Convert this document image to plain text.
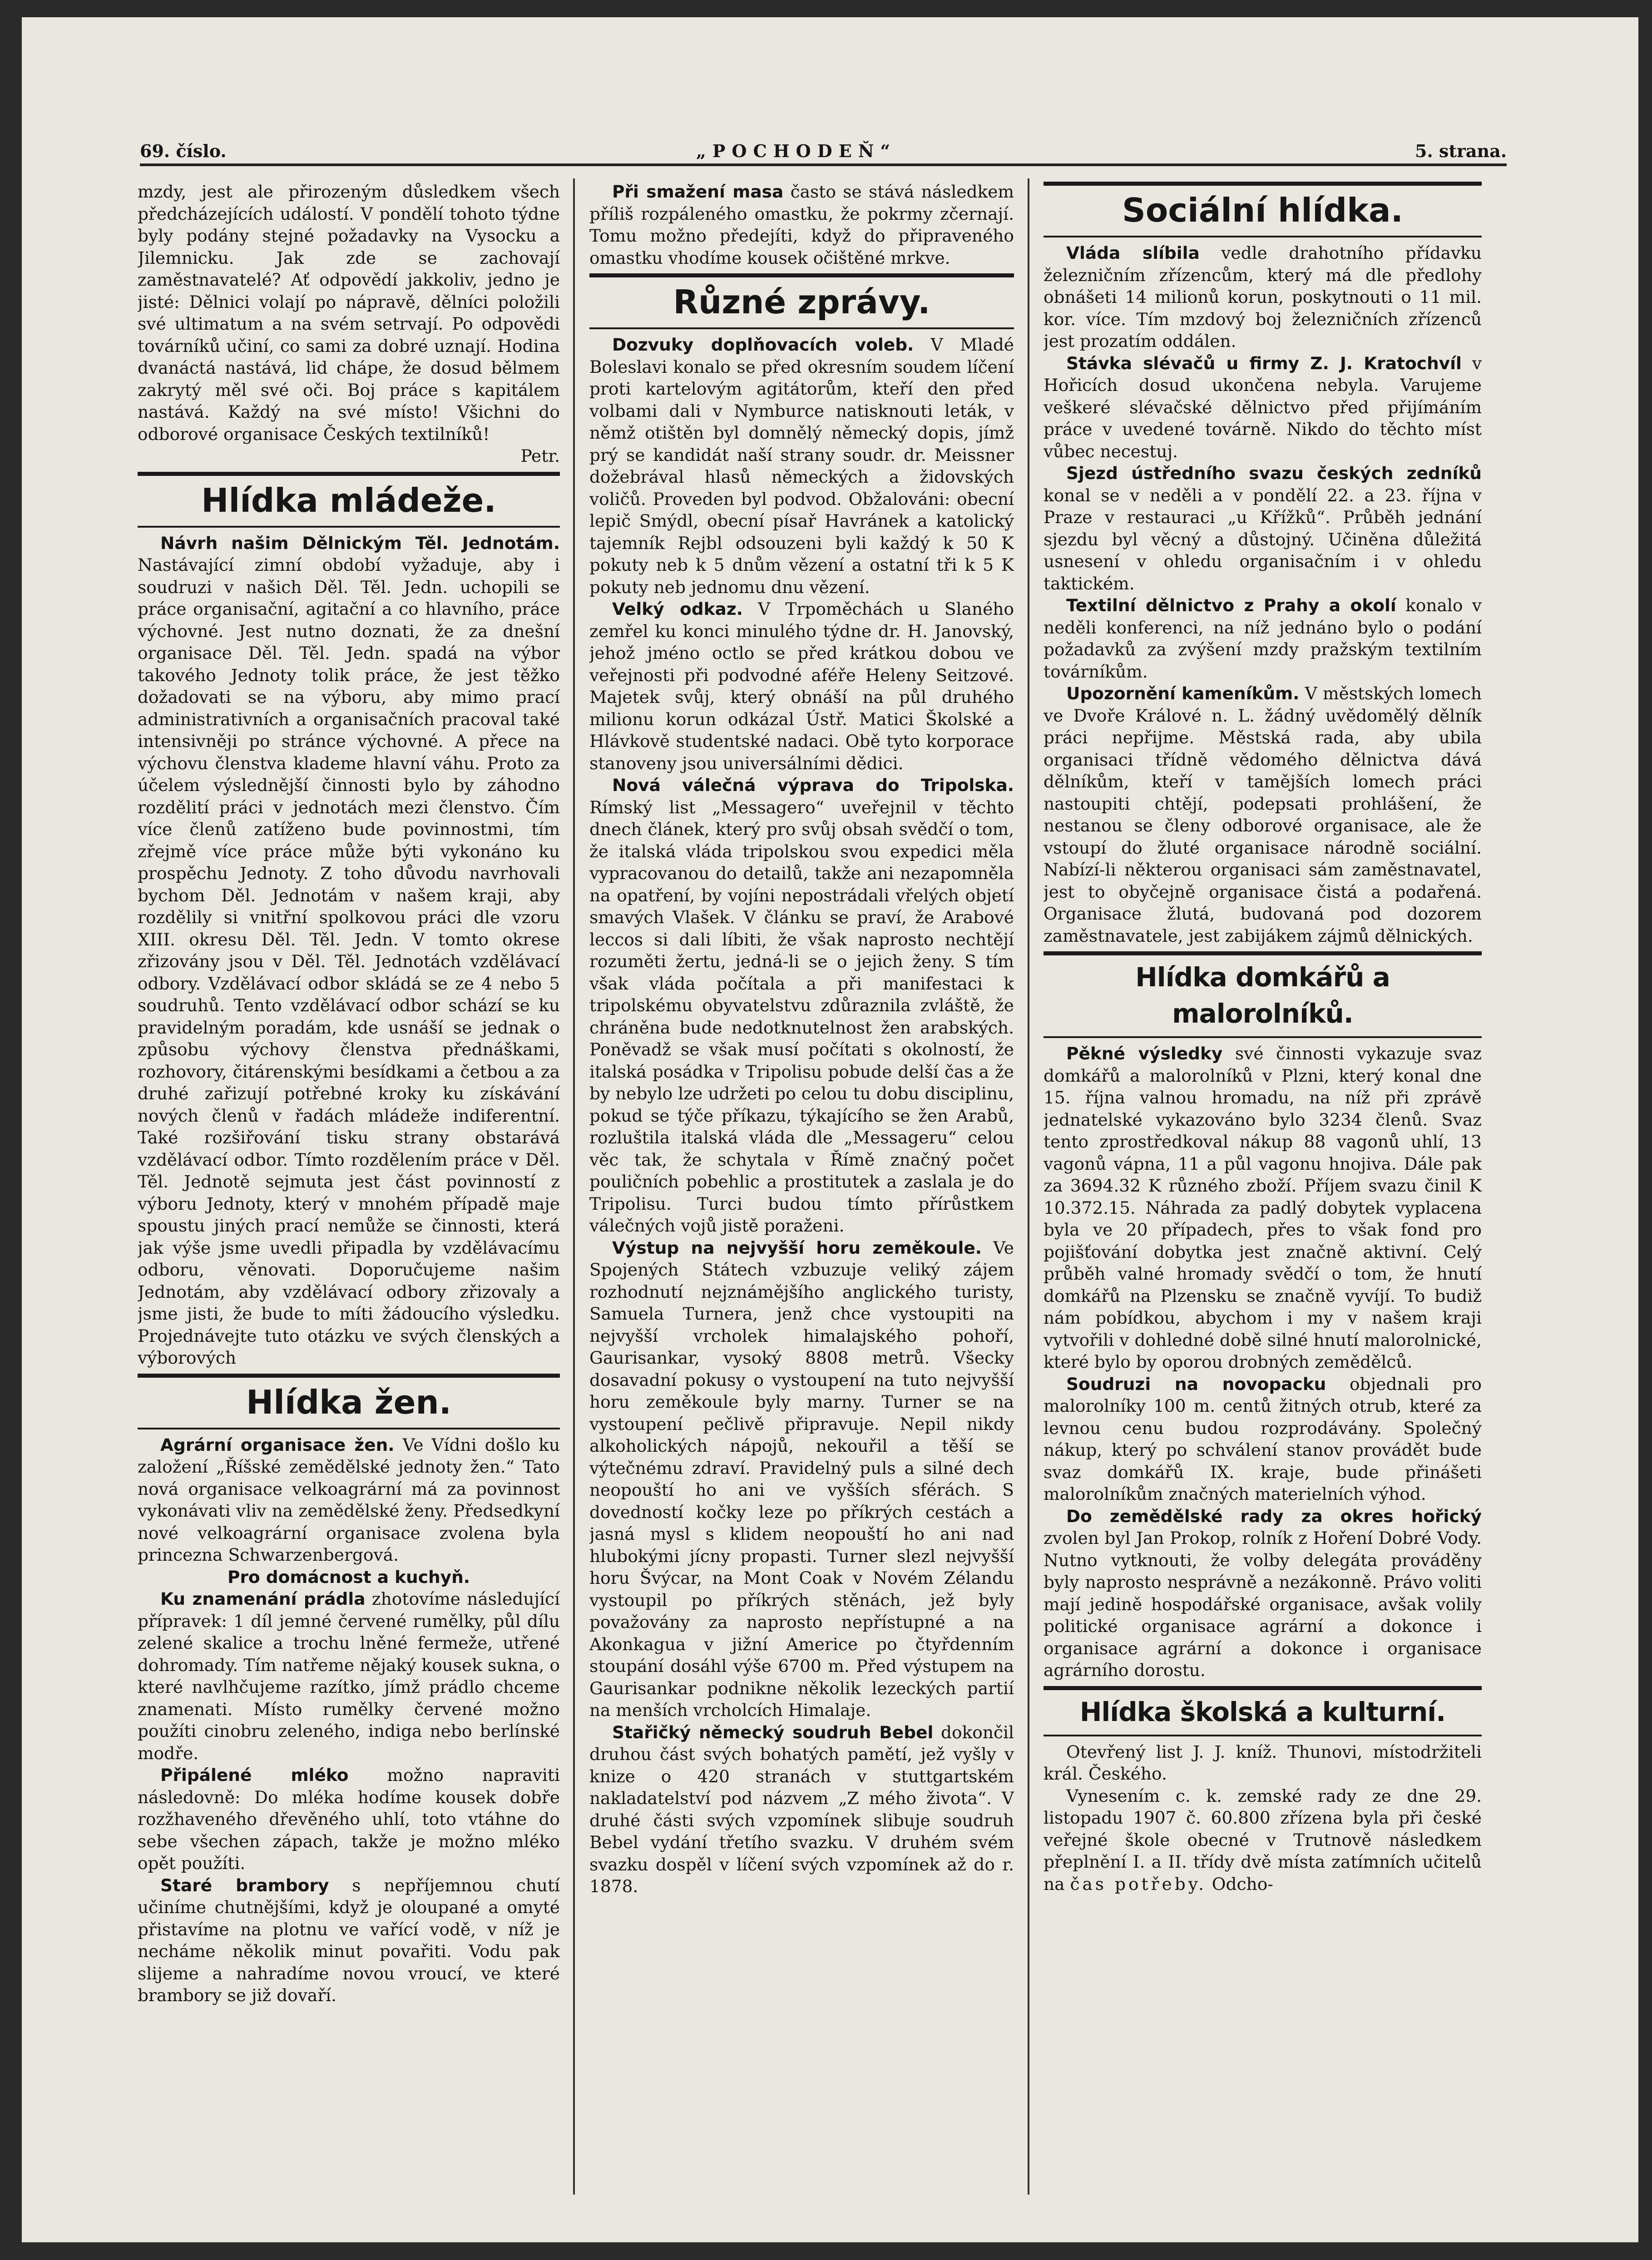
69. číslo.	„POCHODEŇ“	5. strana.

mzdy, jest ale přirozeným důsledkem všech předcházejících událostí. V pondělí tohoto týdne byly podány stejné požadavky na Vysocku a Jilemnicku. Jak zde se zachovají zaměstnavatelé? Ať odpovědí jakkoliv, jedno je jisté: Dělnici volají po nápravě, dělníci položili své ultimatum a na svém setrvají. Po odpovědi továrníků učiní, co sami za dobré uznají. Hodina dvanáctá nastává, lid chápe, že dosud bělmem zakrytý měl své oči. Boj práce s kapitálem nastává. Každý na své místo! Všichni do odborové organisace Českých textilníků!

Petr.

Hlídka mládeže.

Návrh našim Dělnickým Těl. Jednotám. Nastávající zimní období vyžaduje, aby i soudruzi v našich Děl. Těl. Jedn. uchopili se práce organisační, agitační a co hlavního, práce výchovné. Jest nutno doznati, že za dnešní organisace Děl. Těl. Jedn. spadá na výbor takového Jednoty tolik práce, že jest těžko dožadovati se na výboru, aby mimo prací administrativních a organisačních pracoval také intensivněji po stránce výchovné. A přece na výchovu členstva klademe hlavní váhu. Proto za účelem výslednější činnosti bylo by záhodno rozdělití práci v jednotách mezi členstvo. Čím více členů zatíženo bude povinnostmi, tím zřejmě více práce může býti vykonáno ku prospěchu Jednoty. Z toho důvodu navrhovali bychom Děl. Jednotám v našem kraji, aby rozdělily si vnitřní spolkovou práci dle vzoru XIII. okresu Děl. Těl. Jedn. V tomto okrese zřizovány jsou v Děl. Těl. Jednotách vzdělávací odbory. Vzdělávací odbor skládá se ze 4 nebo 5 soudruhů. Tento vzdělávací odbor schází se ku pravidelným poradám, kde usnáší se jednak o způsobu výchovy členstva přednáškami, rozhovory, čitárenskými besídkami a četbou a za druhé zařizují potřebné kroky ku získávání nových členů v řadách mládeže indiferentní. Také rozšiřování tisku strany obstarává vzdělávací odbor. Tímto rozdělením práce v Děl. Těl. Jednotě sejmuta jest část povinností z výboru Jednoty, který v mnohém případě maje spoustu jiných prací nemůže se činnosti, která jak výše jsme uvedli připadla by vzdělávacímu odboru, věnovati. Doporučujeme našim Jednotám, aby vzdělávací odbory zřizovaly a jsme jisti, že bude to míti žádoucího výsledku. Projednávejte tuto otázku ve svých členských a výborových

Hlídka žen.

Agrární organisace žen. Ve Vídni došlo ku založení „Říšské zemědělské jednoty žen.“ Tato nová organisace velkoagrární má za povinnost vykonávati vliv na zemědělské ženy. Předsedkyní nové velkoagrární organisace zvolena byla princezna Schwarzenbergová.

Pro domácnost a kuchyň.

Ku znamenání prádla zhotovíme následující přípravek: 1 díl jemné červené rumělky, půl dílu zelené skalice a trochu lněné fermeže, utřené dohromady. Tím natřeme nějaký kousek sukna, o které navlhčujeme razítko, jímž prádlo chceme znamenati. Místo rumělky červené možno použíti cinobru zeleného, indiga nebo berlínské modře.

Připálené mléko možno napraviti následovně: Do mléka hodíme kousek dobře rozžhaveného dřevěného uhlí, toto vtáhne do sebe všechen zápach, takže je možno mléko opět použíti.

Staré brambory s nepříjemnou chutí učiníme chutnějšími, když je oloupané a omyté přistavíme na plotnu ve vařící vodě, v níž je necháme několik minut povařiti. Vodu pak slijeme a nahradíme novou vroucí, ve které brambory se již dovaří.

Při smažení masa často se stává následkem příliš rozpáleného omastku, že pokrmy zčernají. Tomu možno předejíti, když do připraveného omastku vhodíme kousek očištěné mrkve.

Různé zprávy.

Dozvuky doplňovacích voleb. V Mladé Boleslavi konalo se před okresním soudem líčení proti kartelovým agitátorům, kteří den před volbami dali v Nymburce natisknouti leták, v němž otištěn byl domnělý německý dopis, jímž prý se kandidát naší strany soudr. dr. Meissner dožebrával hlasů německých a židovských voličů. Proveden byl podvod. Obžalováni: obecní lepič Smýdl, obecní písař Havránek a katolický tajemník Rejbl odsouzeni byli každý k 50 K pokuty neb k 5 dnům vězení a ostatní tři k 5 K pokuty neb jednomu dnu vězení.

Velký odkaz. V Trpoměchách u Slaného zemřel ku konci minulého týdne dr. H. Janovský, jehož jméno octlo se před krátkou dobou ve veřejnosti při podvodné aféře Heleny Seitzové. Majetek svůj, který obnáší na půl druhého milionu korun odkázal Ústř. Matici Školské a Hlávkově studentské nadaci. Obě tyto korporace stanoveny jsou universálními dědici.

Nová válečná výprava do Tripolska. Rímský list „Messagero“ uveřejnil v těchto dnech článek, který pro svůj obsah svědčí o tom, že italská vláda tripolskou svou expedici měla vypracovanou do detailů, takže ani nezapomněla na opatření, by vojíni nepostrádali vřelých objetí smavých Vlašek. V článku se praví, že Arabové leccos si dali líbiti, že však naprosto nechtějí rozuměti žertu, jedná-li se o jejich ženy. S tím však vláda počítala a při manifestaci k tripolskému obyvatelstvu zdůraznila zvláště, že chráněna bude nedotknutelnost žen arabských. Poněvadž se však musí počítati s okolností, že italská posádka v Tripolisu pobude delší čas a že by nebylo lze udržeti po celou tu dobu disciplinu, pokud se týče příkazu, týkajícího se žen Arabů, rozluštila italská vláda dle „Messageru“ celou věc tak, že schytala v Římě značný počet pouličních pobehlic a prostitutek a zaslala je do Tripolisu. Turci budou tímto přírůstkem válečných vojů jistě poraženi.

Výstup na nejvyšší horu zeměkoule. Ve Spojených Státech vzbuzuje veliký zájem rozhodnutí nejznámějšího anglického turisty, Samuela Turnera, jenž chce vystoupiti na nejvyšší vrcholek himalajského pohoří, Gaurisankar, vysoký 8808 metrů. Všecky dosavadní pokusy o vystoupení na tuto nejvyšší horu zeměkoule byly marny. Turner se na vystoupení pečlivě připravuje. Nepil nikdy alkoholických nápojů, nekouřil a těší se výtečnému zdraví. Pravidelný puls a silné dech neopouští ho ani ve vyšších sférách. S dovedností kočky leze po příkrých cestách a jasná mysl s klidem neopouští ho ani nad hlubokými jícny propasti. Turner slezl nejvyšší horu Švýcar, na Mont Coak v Novém Zélandu vystoupil po příkrých stěnách, jež byly považovány za naprosto nepřístupné a na Akonkagua v jižní Americe po čtyřdenním stoupání dosáhl výše 6700 m. Před výstupem na Gaurisankar podnikne několik lezeckých partií na menších vrcholcích Himalaje.

Stařičký německý soudruh Bebel dokončil druhou část svých bohatých pamětí, jež vyšly v knize o 420 stranách v stuttgartském nakladatelství pod názvem „Z mého života“. V druhé části svých vzpomínek slibuje soudruh Bebel vydání třetího svazku. V druhém svém svazku dospěl v líčení svých vzpomínek až do r. 1878.

Sociální hlídka.

Vláda slíbila vedle drahotního přídavku železničním zřízencům, který má dle předlohy obnášeti 14 milionů korun, poskytnouti o 11 mil. kor. více. Tím mzdový boj železničních zřízenců jest prozatím oddálen.

Stávka slévačů u firmy Z. J. Kratochvíl v Hořicích dosud ukončena nebyla. Varujeme veškeré slévačské dělnictvo před přijímáním práce v uvedené továrně. Nikdo do těchto míst vůbec necestuj.

Sjezd ústředního svazu českých zedníků konal se v neděli a v pondělí 22. a 23. října v Praze v restauraci „u Křížků“. Průběh jednání sjezdu byl věcný a důstojný. Učiněna důležitá usnesení v ohledu organisačním i v ohledu taktickém.

Textilní dělnictvo z Prahy a okolí konalo v neděli konferenci, na níž jednáno bylo o podání požadavků za zvýšení mzdy pražským textilním továrníkům.

Upozornění kameníkům. V městských lomech ve Dvoře Králové n. L. žádný uvědomělý dělník práci nepřijme. Městská rada, aby ubila organisaci třídně vědomého dělnictva dává dělníkům, kteří v tamějších lomech práci nastoupiti chtějí, podepsati prohlášení, že nestanou se členy odborové organisace, ale že vstoupí do žluté organisace národně sociální. Nabízí-li některou organisaci sám zaměstnavatel, jest to obyčejně organisace čistá a podařená. Organisace žlutá, budovaná pod dozorem zaměstnavatele, jest zabijákem zájmů dělnických.

Hlídka domkářů a malorolníků.

Pěkné výsledky své činnosti vykazuje svaz domkářů a malorolníků v Plzni, který konal dne 15. října valnou hromadu, na níž při zprávě jednatelské vykazováno bylo 3234 členů. Svaz tento zprostředkoval nákup 88 vagonů uhlí, 13 vagonů vápna, 11 a půl vagonu hnojiva. Dále pak za 3694.32 K různého zboží. Příjem svazu činil K 10.372.15. Náhrada za padlý dobytek vyplacena byla ve 20 případech, přes to však fond pro pojišťování dobytka jest značně aktivní. Celý průběh valné hromady svědčí o tom, že hnutí domkářů na Plzensku se značně vyvíjí. To budiž nám pobídkou, abychom i my v našem kraji vytvořili v dohledné době silné hnutí malorolnické, které bylo by oporou drobných zemědělců.

Soudruzi na novopacku objednali pro malorolníky 100 m. centů žitných otrub, které za levnou cenu budou rozprodávány. Společný nákup, který po schválení stanov provádět bude svaz domkářů IX. kraje, bude přinášeti malorolníkům značných materielních výhod.

Do zemědělské rady za okres hořický zvolen byl Jan Prokop, rolník z Hoření Dobré Vody. Nutno vytknouti, že volby delegáta prováděny byly naprosto nesprávně a nezákonně. Právo voliti mají jedině hospodářské organisace, avšak volily politické organisace agrární a dokonce i organisace agrární a dokonce i organisace agrárního dorostu.

Hlídka školská a kulturní.

Otevřený list J. J. kníž. Thunovi, místodržiteli král. Českého.

Vynesením c. k. zemské rady ze dne 29. listopadu 1907 č. 60.800 zřízena byla při české veřejné škole obecné v Trutnově následkem přeplnění I. a II. třídy dvě místa zatímních učitelů na čas potřeby. Odcho-
